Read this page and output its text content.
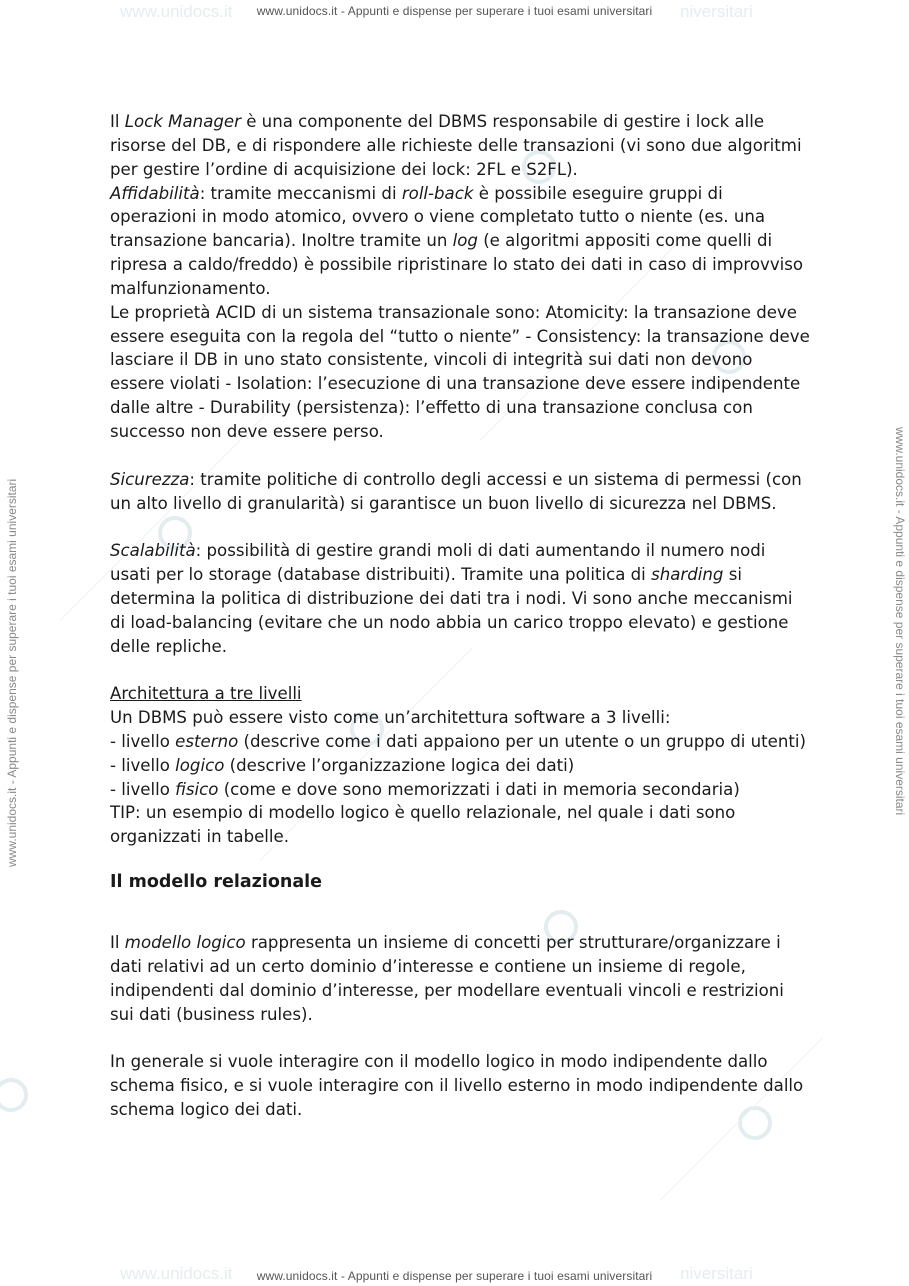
www.unidocs.it	niversitari
www.unidocs.it	niversitari
www.unidocs.it - Appunti e dispense per superare i tuoi esami universitari
www.unidocs.it - Appunti e dispense per superare i tuoi esami universitari
www.unidocs.it - Appunti e dispense per superare i tuoi esami universitari	www.unidocs.it - Appunti e dispense per superare i tuoi esami universitari

Il Lock Manager è una componente del DBMS responsabile di gestire i lock alle risorse del DB, e di rispondere alle richieste delle transazioni (vi sono due algoritmi per gestire l’ordine di acquisizione dei lock: 2FL e S2FL).

Affidabilità: tramite meccanismi di roll-back è possibile eseguire gruppi di operazioni in modo atomico, ovvero o viene completato tutto o niente (es. una transazione bancaria). Inoltre tramite un log (e algoritmi appositi come quelli di ripresa a caldo/freddo) è possibile ripristinare lo stato dei dati in caso di improvviso malfunzionamento.

Le proprietà ACID di un sistema transazionale sono: Atomicity: la transazione deve essere eseguita con la regola del “tutto o niente” - Consistency: la transazione deve lasciare il DB in uno stato consistente, vincoli di integrità sui dati non devono essere violati - Isolation: l’esecuzione di una transazione deve essere indipendente dalle altre - Durability (persistenza): l’effetto di una transazione conclusa con successo non deve essere perso.

Sicurezza: tramite politiche di controllo degli accessi e un sistema di permessi (con un alto livello di granularità) si garantisce un buon livello di sicurezza nel DBMS.

Scalabilità: possibilità di gestire grandi moli di dati aumentando il numero nodi usati per lo storage (database distribuiti). Tramite una politica di sharding si determina la politica di distribuzione dei dati tra i nodi. Vi sono anche meccanismi di load-balancing (evitare che un nodo abbia un carico troppo elevato) e gestione delle repliche.

Architettura a tre livelli

Un DBMS può essere visto come un’architettura software a 3 livelli:

- livello esterno (descrive come i dati appaiono per un utente o un gruppo di utenti)

- livello logico (descrive l’organizzazione logica dei dati)

- livello fisico (come e dove sono memorizzati i dati in memoria secondaria)

TIP: un esempio di modello logico è quello relazionale, nel quale i dati sono organizzati in tabelle.

Il modello relazionale

Il modello logico rappresenta un insieme di concetti per strutturare/organizzare i dati relativi ad un certo dominio d’interesse e contiene un insieme di regole, indipendenti dal dominio d’interesse, per modellare eventuali vincoli e restrizioni sui dati (business rules).

In generale si vuole interagire con il modello logico in modo indipendente dallo schema fisico, e si vuole interagire con il livello esterno in modo indipendente dallo schema logico dei dati.
